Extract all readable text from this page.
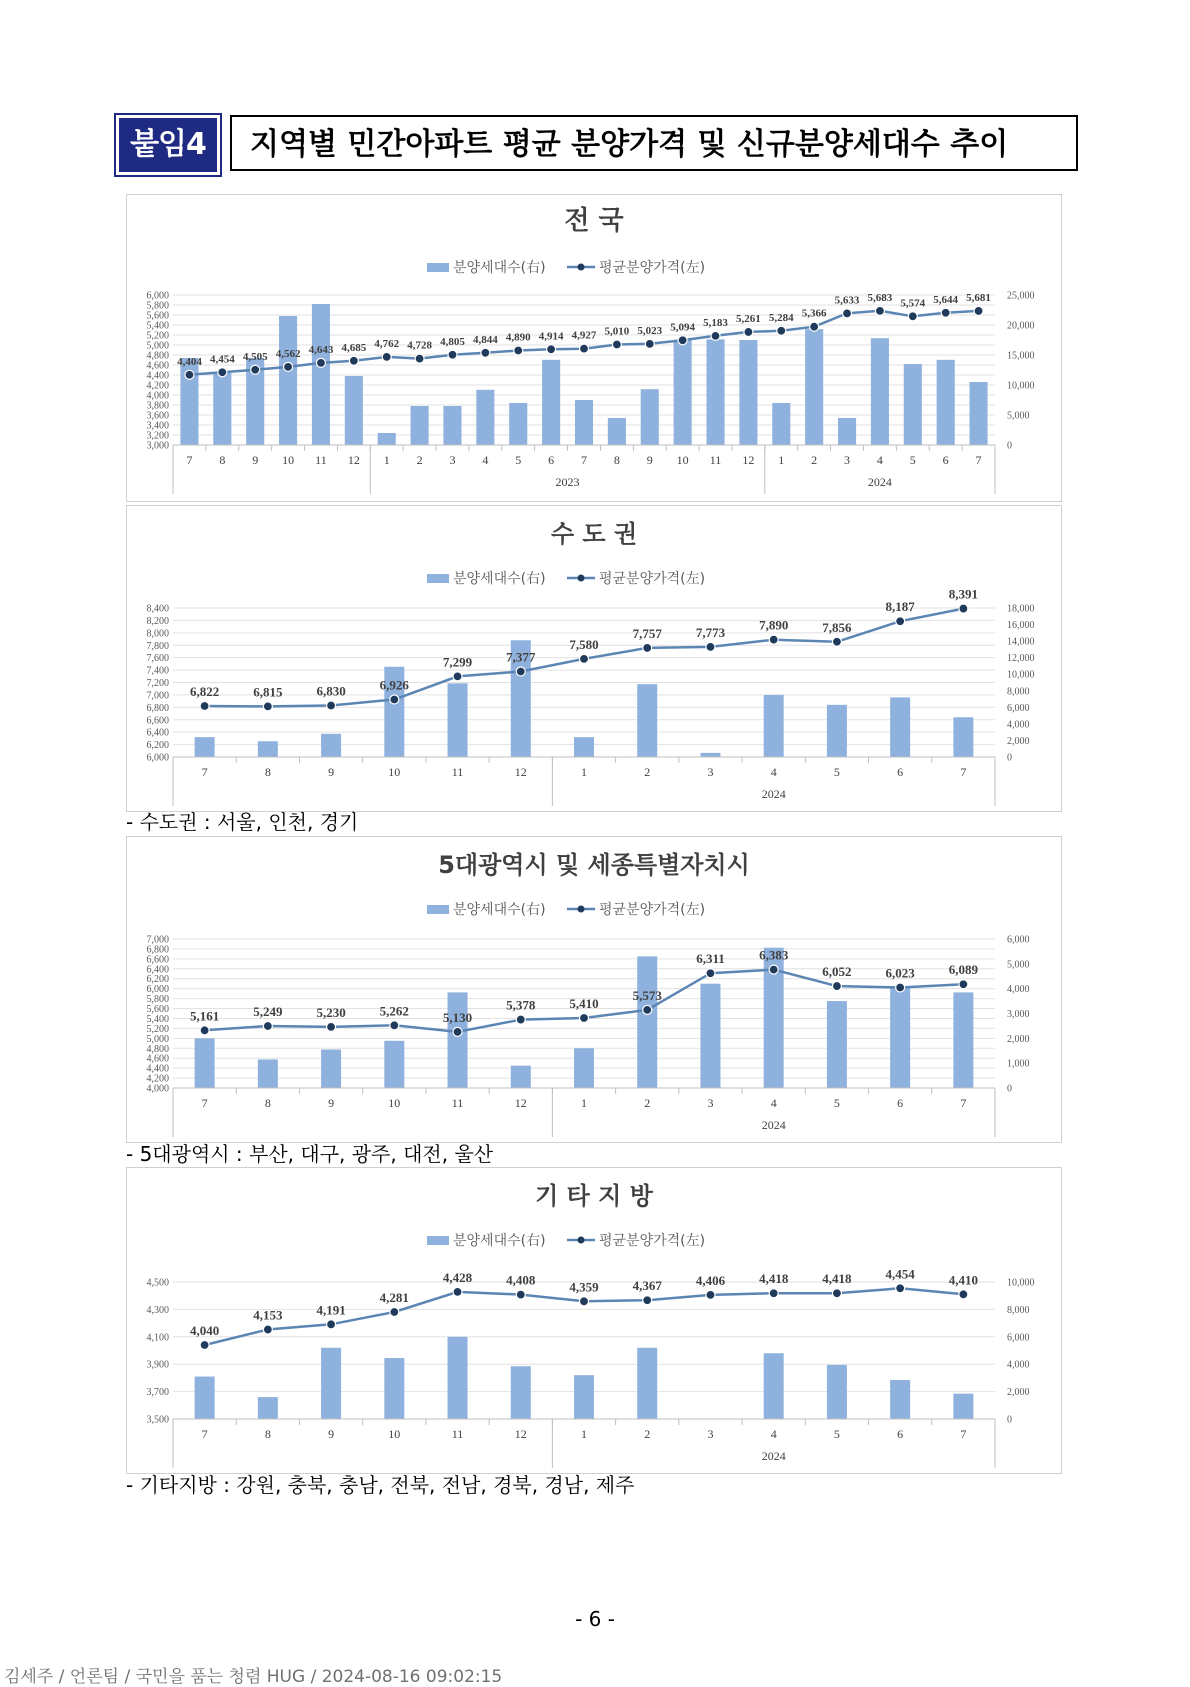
붙임4	지역별 민간아파트 평균 분양가격 및 신규분양세대수 추이
전 국
분양세대수(右)	평균분양가격(左)
3,000
3,200
3,400
3,600
3,800
4,000
4,200
4,400
4,600
4,800
5,000
5,200
5,400
5,600
5,800
6,000
0
5,000
10,000
15,000
20,000
25,000
7 8 9 10 11 12 1 2 3 4 5 6 7 8 9 10 11 12 1 2 3 4 5 6 7
2023	2024
4,404 4,454 4,505 4,562 4,643 4,685 4,762 4,728 4,805 4,844 4,890 4,914 4,927 5,010 5,023 5,094 5,183 5,261 5,284 5,366
5,633 5,683 5,574 5,644 5,681
수 도 권
분양세대수(右)	평균분양가격(左)
6,000
6,200
6,400
6,600
6,800
7,000
7,200
7,400
7,600
7,800
8,000
8,200
8,400
0
2,000
4,000
6,000
8,000
10,000
12,000
14,000
16,000
18,000
7	8	9	10	11	12	1	2	3	4	5	6	7
2024
6,822	6,815	6,830	6,926
7,299	7,377
7,580
7,757	7,773	7,890	7,856
8,187
8,391
- 수도권 : 서울, 인천, 경기
5대광역시 및 세종특별자치시
분양세대수(右)	평균분양가격(左)
4,000
4,200
4,400
4,600
4,800
5,000
5,200
5,400
5,600
5,800
6,000
6,200
6,400
6,600
6,800
7,000
0
1,000
2,000
3,000
4,000
5,000
6,000
7	8	9	10	11	12	1	2	3	4	5	6	7
2024
5,161	5,249	5,230	5,262	5,130
5,378	5,410
5,573
6,311	6,383
6,052	6,023	6,089
- 5대광역시 : 부산, 대구, 광주, 대전, 울산
기 타 지 방
분양세대수(右)	평균분양가격(左)
3,500
3,700
3,900
4,100
4,300
4,500
0
2,000
4,000
6,000
8,000
10,000
7	8	9	10	11	12	1	2	3	4	5	6	7
2024
4,040
4,153	4,191
4,281
4,428	4,408	4,359	4,367	4,406	4,418	4,418	4,454	4,410
- 기타지방 : 강원, 충북, 충남, 전북, 전남, 경북, 경남, 제주
- 6 -
김세주 / 언론팀 / 국민을 품는 청렴 HUG / 2024-08-16 09:02:15
